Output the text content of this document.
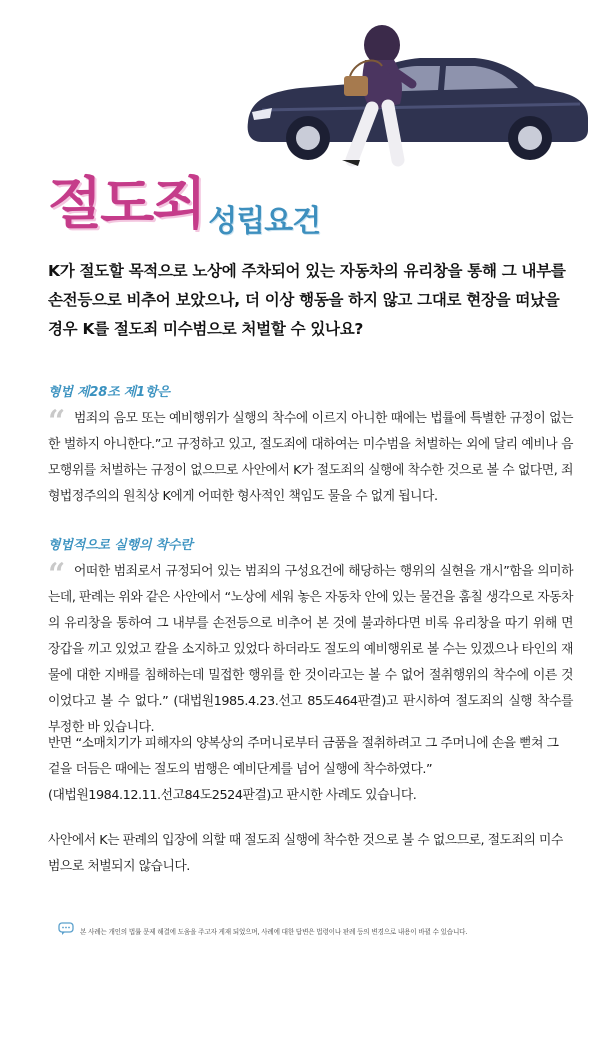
절도죄 성립요건
K가 절도할 목적으로 노상에 주차되어 있는 자동차의 유리창을 통해 그 내부를 손전등으로 비추어 보았으나, 더 이상 행동을 하지 않고 그대로 현장을 떠났을 경우 K를 절도죄 미수범으로 처벌할 수 있나요?
형법 제28조 제1항은
“ 범죄의 음모 또는 예비행위가 실행의 착수에 이르지 아니한 때에는 법률에 특별한 규정이 없는 한 벌하지 아니한다.”고 규정하고 있고, 절도죄에 대하여는 미수범을 처벌하는 외에 달리 예비나 음모행위를 처벌하는 규정이 없으므로 사안에서 K가 절도죄의 실행에 착수한 것으로 볼 수 없다면, 죄형법정주의의 원칙상 K에게 어떠한 형사적인 책임도 물을 수 없게 됩니다.
형법적으로 실행의 착수란
“ 어떠한 범죄로서 규정되어 있는 범죄의 구성요건에 해당하는 행위의 실현을 개시”함을 의미하는데, 판례는 위와 같은 사안에서 “노상에 세워 놓은 자동차 안에 있는 물건을 훔칠 생각으로 자동차의 유리창을 통하여 그 내부를 손전등으로 비추어 본 것에 불과하다면 비록 유리창을 따기 위해 면장갑을 끼고 있었고 칼을 소지하고 있었다 하더라도 절도의 예비행위로 볼 수는 있겠으나 타인의 재물에 대한 지배를 침해하는데 밀접한 행위를 한 것이라고는 볼 수 없어 절취행위의 착수에 이른 것이었다고 볼 수 없다.” (대법원1985.4.23.선고 85도464판결)고 판시하여 절도죄의 실행 착수를 부정한 바 있습니다.
반면 “소매치기가 피해자의 양복상의 주머니로부터 금품을 절취하려고 그 주머니에 손을 뻗쳐 그 겉을 더듬은 때에는 절도의 범행은 예비단계를 넘어 실행에 착수하였다.”
(대법원1984.12.11.선고84도2524판결)고 판시한 사례도 있습니다.
사안에서 K는 판례의 입장에 의할 때 절도죄 실행에 착수한 것으로 볼 수 없으므로, 절도죄의 미수범으로 처벌되지 않습니다.
본 사례는 개인의 법률 문제 해결에 도움을 주고자 게재 되었으며, 사례에 대한 답변은 법령이나 판례 등의 변경으로 내용이 바뀔 수 있습니다.
